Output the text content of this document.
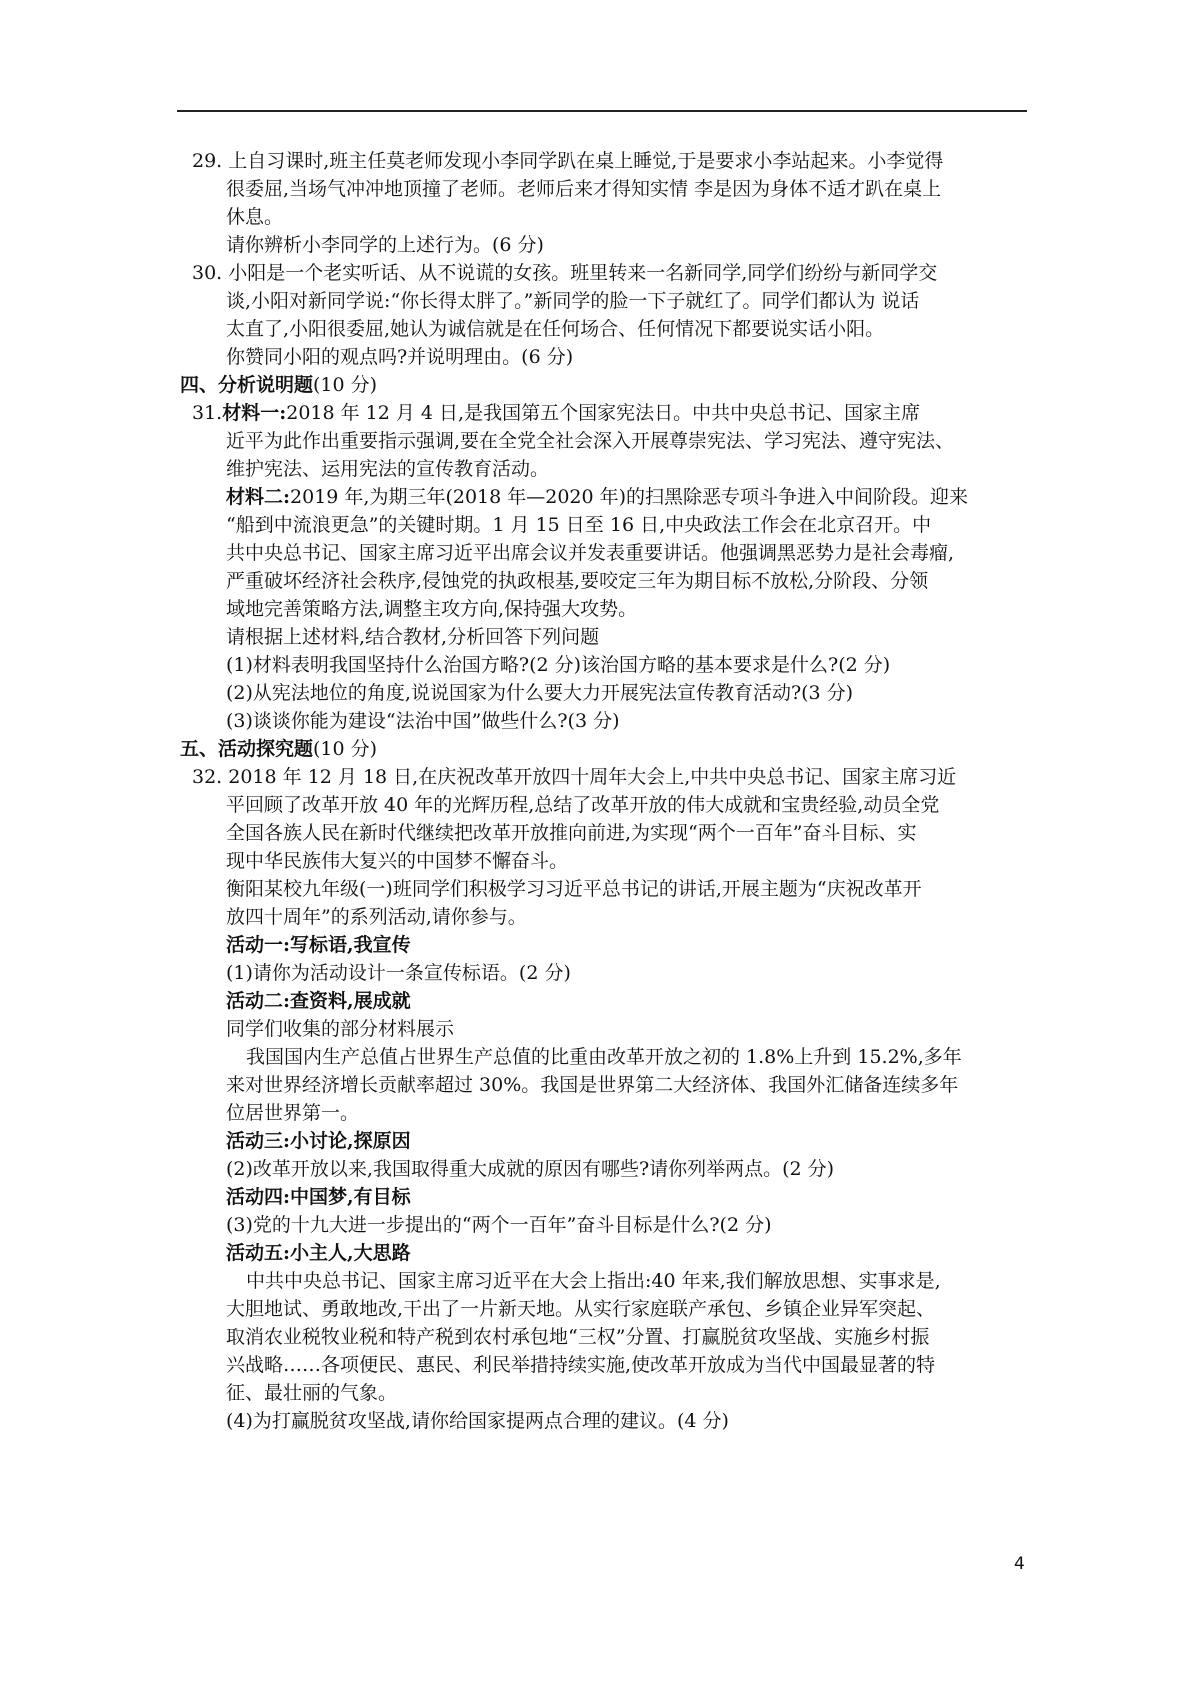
29. 上自习课时,班主任莫老师发现小李同学趴在桌上睡觉,于是要求小李站起来。小李觉得
很委屈,当场气冲冲地顶撞了老师。老师后来才得知实情 李是因为身体不适才趴在桌上
休息。
请你辨析小李同学的上述行为。(6 分)
30. 小阳是一个老实听话、从不说谎的女孩。班里转来一名新同学,同学们纷纷与新同学交
谈,小阳对新同学说:“你长得太胖了。”新同学的脸一下子就红了。同学们都认为 说话
太直了,小阳很委屈,她认为诚信就是在任何场合、任何情况下都要说实话小阳。
你赞同小阳的观点吗?并说明理由。(6 分)
四、分析说明题(10 分)
31.材料一:2018 年 12 月 4 日,是我国第五个国家宪法日。中共中央总书记、国家主席
近平为此作出重要指示强调,要在全党全社会深入开展尊崇宪法、学习宪法、遵守宪法、
维护宪法、运用宪法的宣传教育活动。
材料二:2019 年,为期三年(2018 年—2020 年)的扫黑除恶专项斗争进入中间阶段。迎来
“船到中流浪更急”的关键时期。1 月 15 日至 16 日,中央政法工作会在北京召开。中
共中央总书记、国家主席习近平出席会议并发表重要讲话。他强调黑恶势力是社会毒瘤,
严重破坏经济社会秩序,侵蚀党的执政根基,要咬定三年为期目标不放松,分阶段、分领
域地完善策略方法,调整主攻方向,保持强大攻势。
请根据上述材料,结合教材,分析回答下列问题
(1)材料表明我国坚持什么治国方略?(2 分)该治国方略的基本要求是什么?(2 分)
(2)从宪法地位的角度,说说国家为什么要大力开展宪法宣传教育活动?(3 分)
(3)谈谈你能为建设“法治中国”做些什么?(3 分)
五、活动探究题(10 分)
32. 2018 年 12 月 18 日,在庆祝改革开放四十周年大会上,中共中央总书记、国家主席习近
平回顾了改革开放 40 年的光辉历程,总结了改革开放的伟大成就和宝贵经验,动员全党
全国各族人民在新时代继续把改革开放推向前进,为实现“两个一百年”奋斗目标、实
现中华民族伟大复兴的中国梦不懈奋斗。
衡阳某校九年级(一)班同学们积极学习习近平总书记的讲话,开展主题为“庆祝改革开
放四十周年”的系列活动,请你参与。
活动一:写标语,我宣传
(1)请你为活动设计一条宣传标语。(2 分)
活动二:查资料,展成就
同学们收集的部分材料展示
我国国内生产总值占世界生产总值的比重由改革开放之初的 1.8%上升到 15.2%,多年
来对世界经济增长贡献率超过 30%。我国是世界第二大经济体、我国外汇储备连续多年
位居世界第一。
活动三:小讨论,探原因
(2)改革开放以来,我国取得重大成就的原因有哪些?请你列举两点。(2 分)
活动四:中国梦,有目标
(3)党的十九大进一步提出的“两个一百年”奋斗目标是什么?(2 分)
活动五:小主人,大思路
中共中央总书记、国家主席习近平在大会上指出:40 年来,我们解放思想、实事求是,
大胆地试、勇敢地改,干出了一片新天地。从实行家庭联产承包、乡镇企业异军突起、
取消农业税牧业税和特产税到农村承包地“三权”分置、打赢脱贫攻坚战、实施乡村振
兴战略……各项便民、惠民、利民举措持续实施,使改革开放成为当代中国最显著的特
征、最壮丽的气象。
(4)为打赢脱贫攻坚战,请你给国家提两点合理的建议。(4 分)
4
